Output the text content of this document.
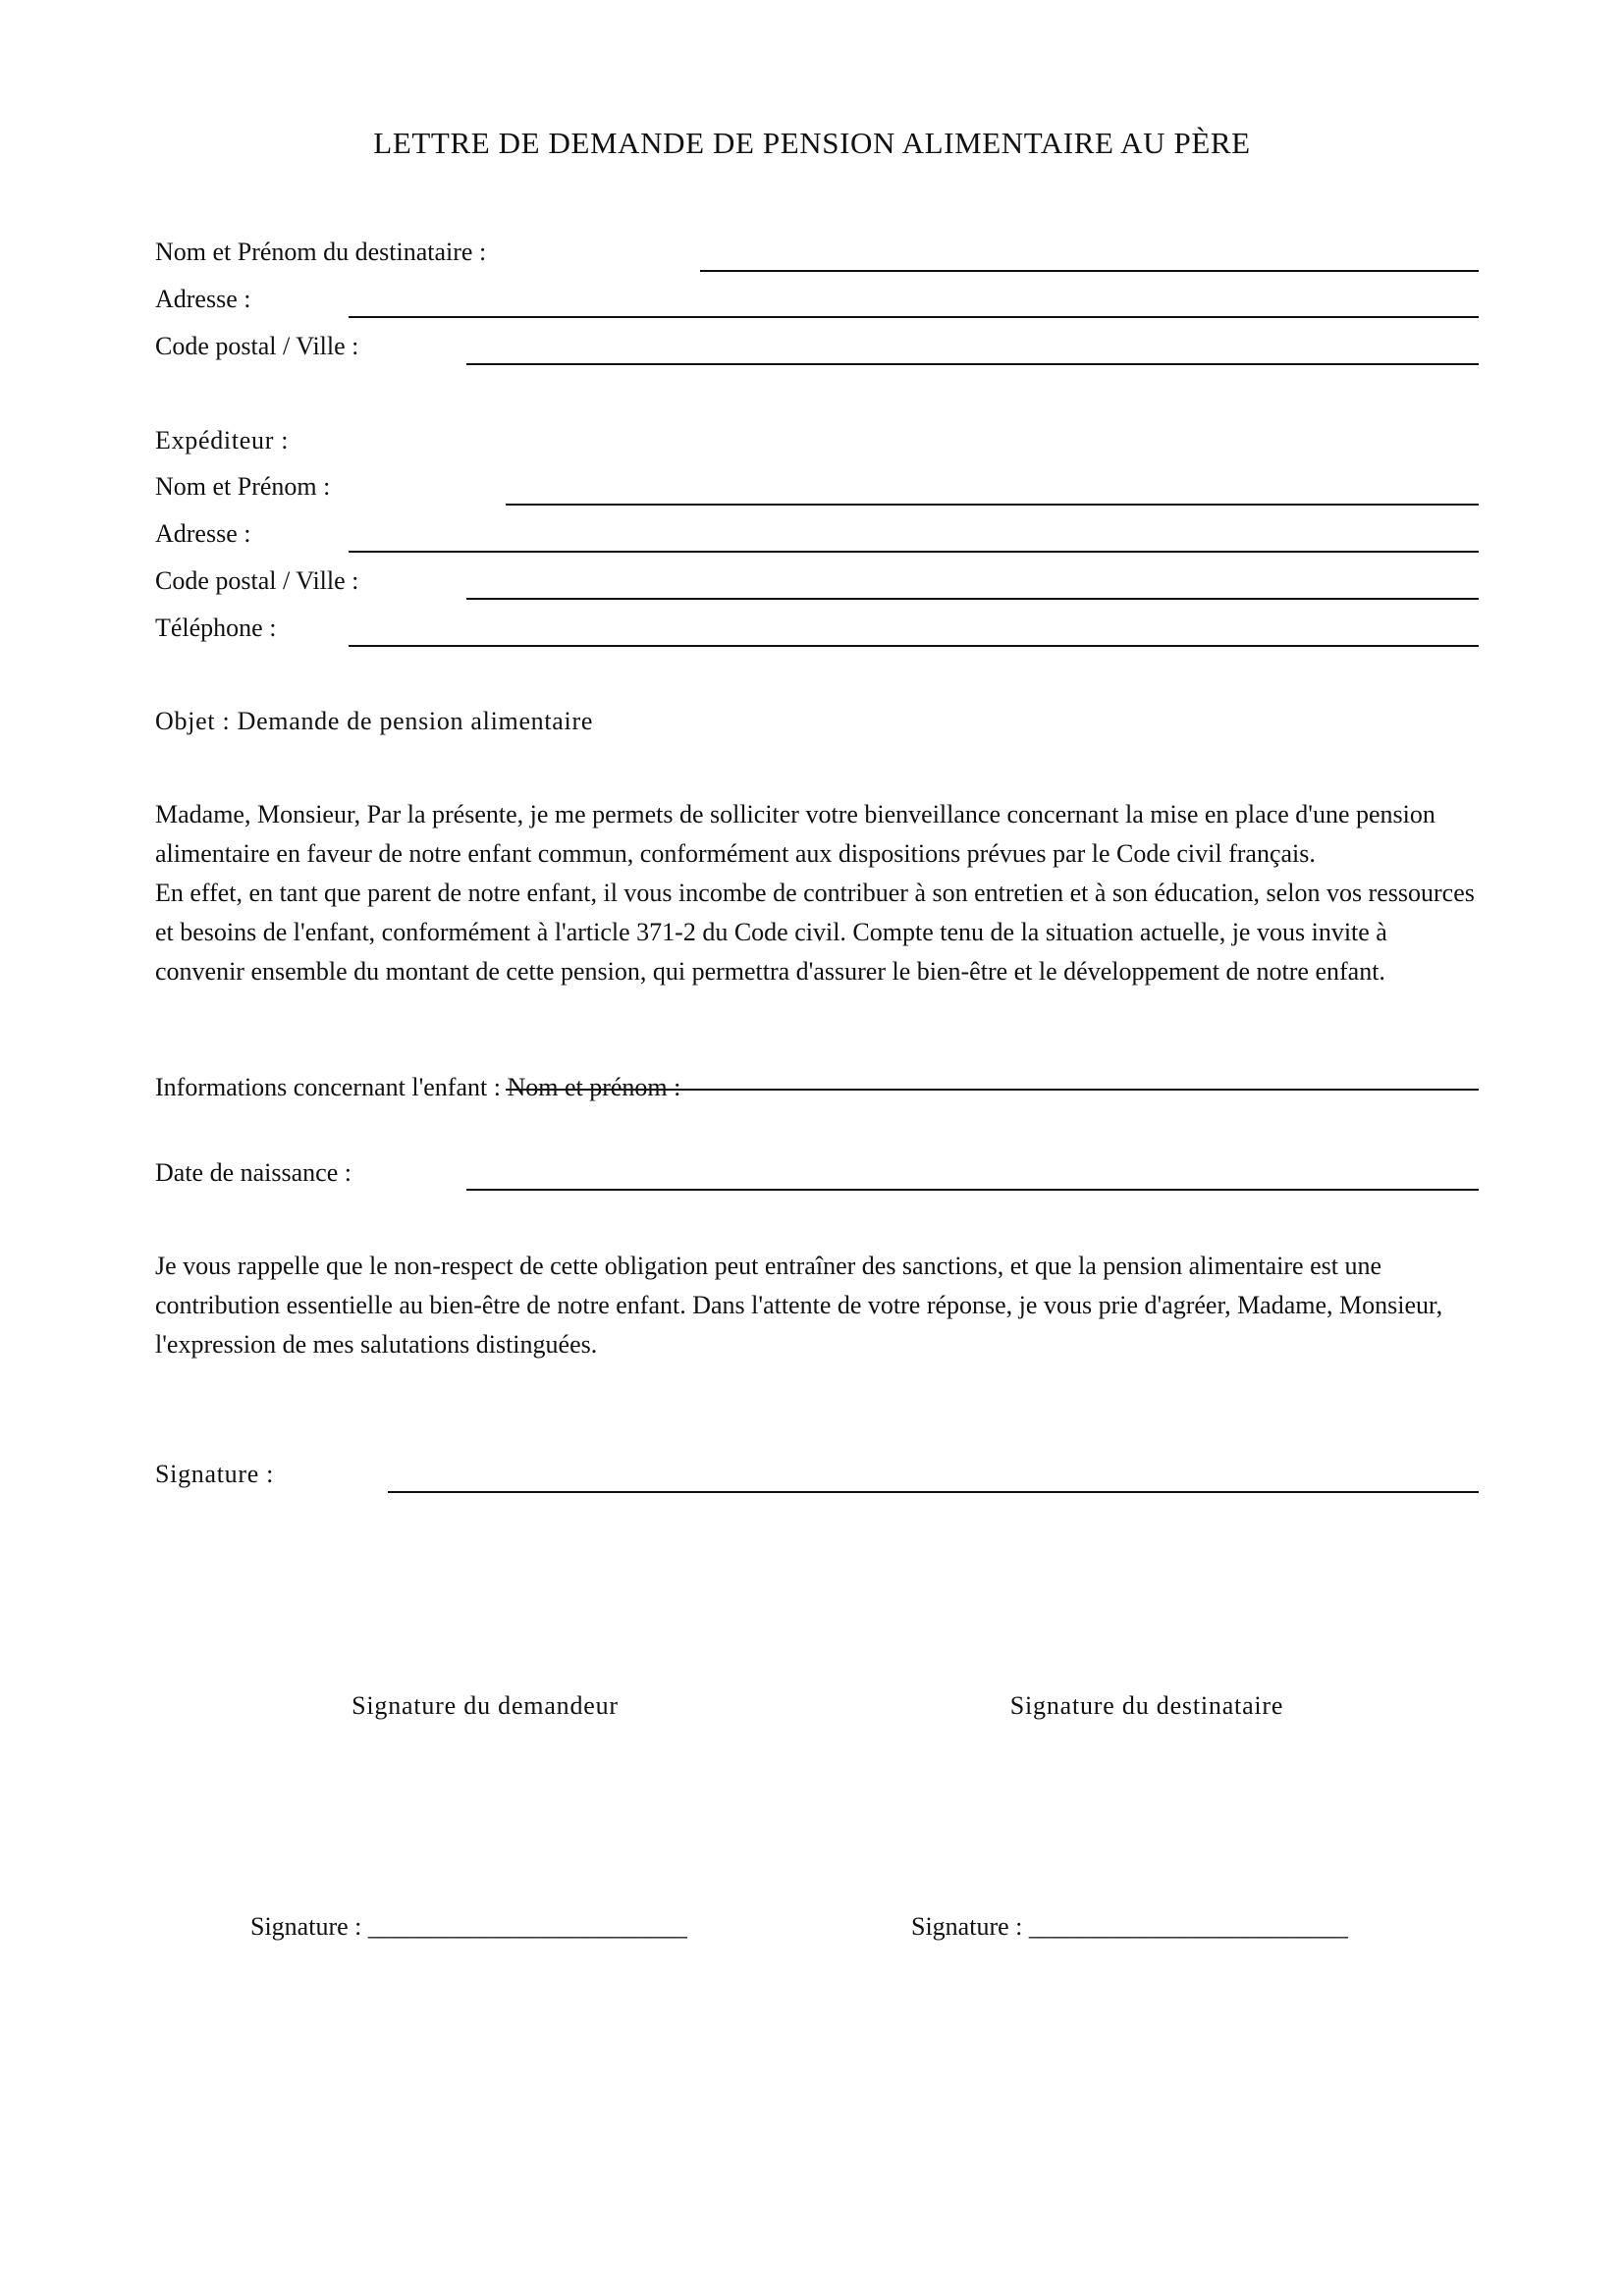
LETTRE DE DEMANDE DE PENSION ALIMENTAIRE AU PÈRE
Nom et Prénom du destinataire :
Adresse :
Code postal / Ville :
Expéditeur :
Nom et Prénom :
Adresse :
Code postal / Ville :
Téléphone :
Objet : Demande de pension alimentaire

Madame, Monsieur, Par la présente, je me permets de solliciter votre bienveillance concernant la mise en place d'une pension alimentaire en faveur de notre enfant commun, conformément aux dispositions prévues par le Code civil français.

En effet, en tant que parent de notre enfant, il vous incombe de contribuer à son entretien et à son éducation, selon vos ressources et besoins de l'enfant, conformément à l'article 371-2 du Code civil. Compte tenu de la situation actuelle, je vous invite à convenir ensemble du montant de cette pension, qui permettra d'assurer le bien-être et le développement de notre enfant.

Informations concernant l'enfant : Nom et prénom :
Date de naissance :
Je vous rappelle que le non-respect de cette obligation peut entraîner des sanctions, et que la pension alimentaire est une contribution essentielle au bien-être de notre enfant. Dans l'attente de votre réponse, je vous prie d'agréer, Madame, Monsieur, l'expression de mes salutations distinguées.
Signature :
Signature du demandeur	Signature du destinataire
Signature : _________________________	Signature : _________________________
